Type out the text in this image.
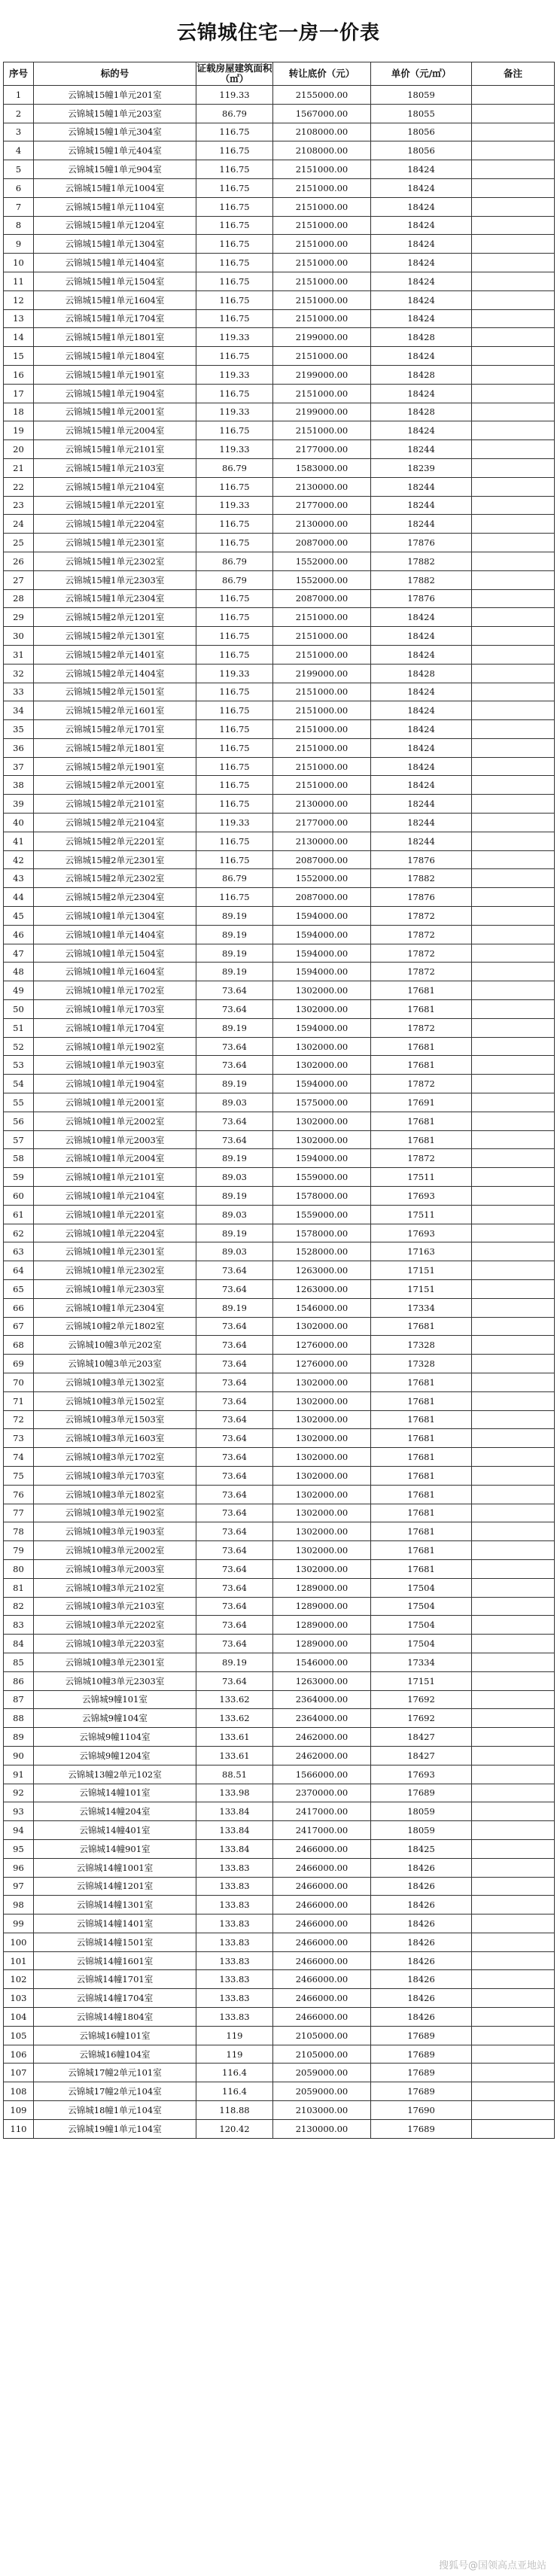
云锦城住宅一房一价表
序号	标的号	证载房屋建筑面积（㎡）	转让底价（元）	单价（元/㎡）	备注
1	云锦城15幢1单元201室	119.33	2155000.00	18059	
2	云锦城15幢1单元203室	86.79	1567000.00	18055	
3	云锦城15幢1单元304室	116.75	2108000.00	18056	
4	云锦城15幢1单元404室	116.75	2108000.00	18056	
5	云锦城15幢1单元904室	116.75	2151000.00	18424	
6	云锦城15幢1单元1004室	116.75	2151000.00	18424	
7	云锦城15幢1单元1104室	116.75	2151000.00	18424	
8	云锦城15幢1单元1204室	116.75	2151000.00	18424	
9	云锦城15幢1单元1304室	116.75	2151000.00	18424	
10	云锦城15幢1单元1404室	116.75	2151000.00	18424	
11	云锦城15幢1单元1504室	116.75	2151000.00	18424	
12	云锦城15幢1单元1604室	116.75	2151000.00	18424	
13	云锦城15幢1单元1704室	116.75	2151000.00	18424	
14	云锦城15幢1单元1801室	119.33	2199000.00	18428	
15	云锦城15幢1单元1804室	116.75	2151000.00	18424	
16	云锦城15幢1单元1901室	119.33	2199000.00	18428	
17	云锦城15幢1单元1904室	116.75	2151000.00	18424	
18	云锦城15幢1单元2001室	119.33	2199000.00	18428	
19	云锦城15幢1单元2004室	116.75	2151000.00	18424	
20	云锦城15幢1单元2101室	119.33	2177000.00	18244	
21	云锦城15幢1单元2103室	86.79	1583000.00	18239	
22	云锦城15幢1单元2104室	116.75	2130000.00	18244	
23	云锦城15幢1单元2201室	119.33	2177000.00	18244	
24	云锦城15幢1单元2204室	116.75	2130000.00	18244	
25	云锦城15幢1单元2301室	116.75	2087000.00	17876	
26	云锦城15幢1单元2302室	86.79	1552000.00	17882	
27	云锦城15幢1单元2303室	86.79	1552000.00	17882	
28	云锦城15幢1单元2304室	116.75	2087000.00	17876	
29	云锦城15幢2单元1201室	116.75	2151000.00	18424	
30	云锦城15幢2单元1301室	116.75	2151000.00	18424	
31	云锦城15幢2单元1401室	116.75	2151000.00	18424	
32	云锦城15幢2单元1404室	119.33	2199000.00	18428	
33	云锦城15幢2单元1501室	116.75	2151000.00	18424	
34	云锦城15幢2单元1601室	116.75	2151000.00	18424	
35	云锦城15幢2单元1701室	116.75	2151000.00	18424	
36	云锦城15幢2单元1801室	116.75	2151000.00	18424	
37	云锦城15幢2单元1901室	116.75	2151000.00	18424	
38	云锦城15幢2单元2001室	116.75	2151000.00	18424	
39	云锦城15幢2单元2101室	116.75	2130000.00	18244	
40	云锦城15幢2单元2104室	119.33	2177000.00	18244	
41	云锦城15幢2单元2201室	116.75	2130000.00	18244	
42	云锦城15幢2单元2301室	116.75	2087000.00	17876	
43	云锦城15幢2单元2302室	86.79	1552000.00	17882	
44	云锦城15幢2单元2304室	116.75	2087000.00	17876	
45	云锦城10幢1单元1304室	89.19	1594000.00	17872	
46	云锦城10幢1单元1404室	89.19	1594000.00	17872	
47	云锦城10幢1单元1504室	89.19	1594000.00	17872	
48	云锦城10幢1单元1604室	89.19	1594000.00	17872	
49	云锦城10幢1单元1702室	73.64	1302000.00	17681	
50	云锦城10幢1单元1703室	73.64	1302000.00	17681	
51	云锦城10幢1单元1704室	89.19	1594000.00	17872	
52	云锦城10幢1单元1902室	73.64	1302000.00	17681	
53	云锦城10幢1单元1903室	73.64	1302000.00	17681	
54	云锦城10幢1单元1904室	89.19	1594000.00	17872	
55	云锦城10幢1单元2001室	89.03	1575000.00	17691	
56	云锦城10幢1单元2002室	73.64	1302000.00	17681	
57	云锦城10幢1单元2003室	73.64	1302000.00	17681	
58	云锦城10幢1单元2004室	89.19	1594000.00	17872	
59	云锦城10幢1单元2101室	89.03	1559000.00	17511	
60	云锦城10幢1单元2104室	89.19	1578000.00	17693	
61	云锦城10幢1单元2201室	89.03	1559000.00	17511	
62	云锦城10幢1单元2204室	89.19	1578000.00	17693	
63	云锦城10幢1单元2301室	89.03	1528000.00	17163	
64	云锦城10幢1单元2302室	73.64	1263000.00	17151	
65	云锦城10幢1单元2303室	73.64	1263000.00	17151	
66	云锦城10幢1单元2304室	89.19	1546000.00	17334	
67	云锦城10幢2单元1802室	73.64	1302000.00	17681	
68	云锦城10幢3单元202室	73.64	1276000.00	17328	
69	云锦城10幢3单元203室	73.64	1276000.00	17328	
70	云锦城10幢3单元1302室	73.64	1302000.00	17681	
71	云锦城10幢3单元1502室	73.64	1302000.00	17681	
72	云锦城10幢3单元1503室	73.64	1302000.00	17681	
73	云锦城10幢3单元1603室	73.64	1302000.00	17681	
74	云锦城10幢3单元1702室	73.64	1302000.00	17681	
75	云锦城10幢3单元1703室	73.64	1302000.00	17681	
76	云锦城10幢3单元1802室	73.64	1302000.00	17681	
77	云锦城10幢3单元1902室	73.64	1302000.00	17681	
78	云锦城10幢3单元1903室	73.64	1302000.00	17681	
79	云锦城10幢3单元2002室	73.64	1302000.00	17681	
80	云锦城10幢3单元2003室	73.64	1302000.00	17681	
81	云锦城10幢3单元2102室	73.64	1289000.00	17504	
82	云锦城10幢3单元2103室	73.64	1289000.00	17504	
83	云锦城10幢3单元2202室	73.64	1289000.00	17504	
84	云锦城10幢3单元2203室	73.64	1289000.00	17504	
85	云锦城10幢3单元2301室	89.19	1546000.00	17334	
86	云锦城10幢3单元2303室	73.64	1263000.00	17151	
87	云锦城9幢101室	133.62	2364000.00	17692	
88	云锦城9幢104室	133.62	2364000.00	17692	
89	云锦城9幢1104室	133.61	2462000.00	18427	
90	云锦城9幢1204室	133.61	2462000.00	18427	
91	云锦城13幢2单元102室	88.51	1566000.00	17693	
92	云锦城14幢101室	133.98	2370000.00	17689	
93	云锦城14幢204室	133.84	2417000.00	18059	
94	云锦城14幢401室	133.84	2417000.00	18059	
95	云锦城14幢901室	133.84	2466000.00	18425	
96	云锦城14幢1001室	133.83	2466000.00	18426	
97	云锦城14幢1201室	133.83	2466000.00	18426	
98	云锦城14幢1301室	133.83	2466000.00	18426	
99	云锦城14幢1401室	133.83	2466000.00	18426	
100	云锦城14幢1501室	133.83	2466000.00	18426	
101	云锦城14幢1601室	133.83	2466000.00	18426	
102	云锦城14幢1701室	133.83	2466000.00	18426	
103	云锦城14幢1704室	133.83	2466000.00	18426	
104	云锦城14幢1804室	133.83	2466000.00	18426	
105	云锦城16幢101室	119	2105000.00	17689	
106	云锦城16幢104室	119	2105000.00	17689	
107	云锦城17幢2单元101室	116.4	2059000.00	17689	
108	云锦城17幢2单元104室	116.4	2059000.00	17689	
109	云锦城18幢1单元104室	118.88	2103000.00	17690	
110	云锦城19幢1单元104室	120.42	2130000.00	17689	
搜狐号@国领高点亚地站
